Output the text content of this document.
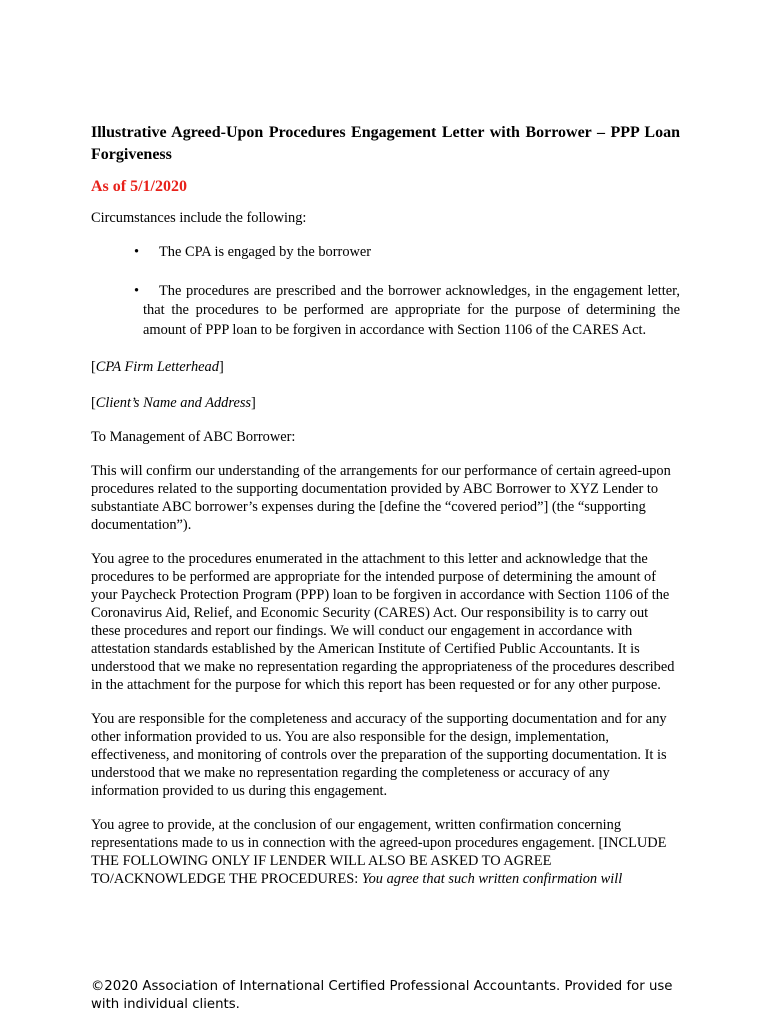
Illustrative Agreed-Upon Procedures Engagement Letter with Borrower – PPP Loan Forgiveness
As of 5/1/2020

Circumstances include the following:

• The CPA is engaged by the borrower
• The procedures are prescribed and the borrower acknowledges, in the engagement letter, that the procedures to be performed are appropriate for the purpose of determining the amount of PPP loan to be forgiven in accordance with Section 1106 of the CARES Act.

[CPA Firm Letterhead]

[Client’s Name and Address]

To Management of ABC Borrower:

This will confirm our understanding of the arrangements for our performance of certain agreed-upon procedures related to the supporting documentation provided by ABC Borrower to XYZ Lender to substantiate ABC borrower’s expenses during the [define the “covered period”] (the “supporting documentation”).

You agree to the procedures enumerated in the attachment to this letter and acknowledge that the procedures to be performed are appropriate for the intended purpose of determining the amount of your Paycheck Protection Program (PPP) loan to be forgiven in accordance with Section 1106 of the Coronavirus Aid, Relief, and Economic Security (CARES) Act. Our responsibility is to carry out these procedures and report our findings. We will conduct our engagement in accordance with attestation standards established by the American Institute of Certified Public Accountants. It is understood that we make no representation regarding the appropriateness of the procedures described in the attachment for the purpose for which this report has been requested or for any other purpose.

You are responsible for the completeness and accuracy of the supporting documentation and for any other information provided to us. You are also responsible for the design, implementation, effectiveness, and monitoring of controls over the preparation of the supporting documentation. It is understood that we make no representation regarding the completeness or accuracy of any information provided to us during this engagement.

You agree to provide, at the conclusion of our engagement, written confirmation concerning representations made to us in connection with the agreed-upon procedures engagement. [INCLUDE THE FOLLOWING ONLY IF LENDER WILL ALSO BE ASKED TO AGREE TO/ACKNOWLEDGE THE PROCEDURES: You agree that such written confirmation will

©2020 Association of International Certified Professional Accountants. Provided for use with individual clients.
